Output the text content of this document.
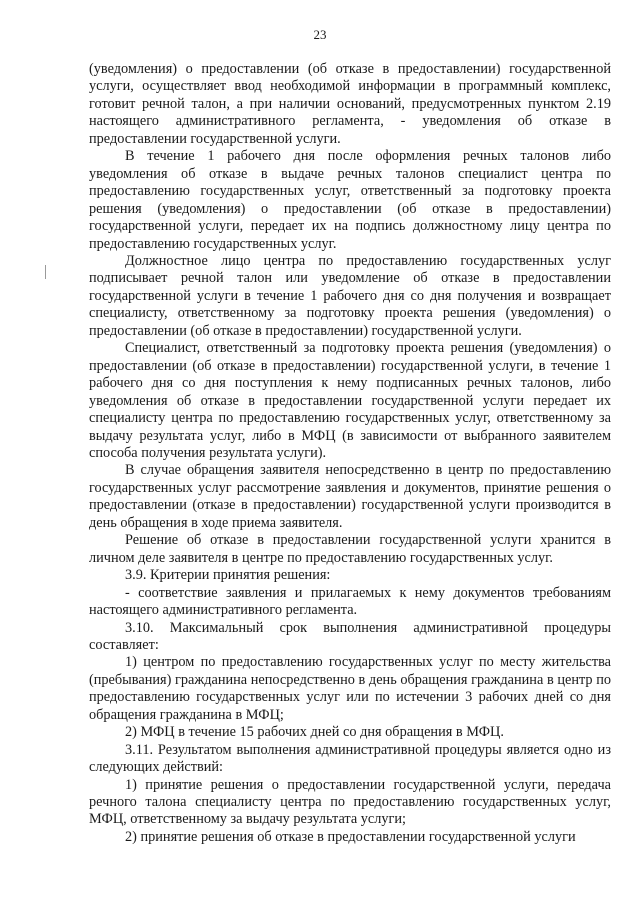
23

(уведомления) о предоставлении (об отказе в предоставлении) государственной услуги, осуществляет ввод необходимой информации в программный комплекс, готовит речной талон, а при наличии оснований, предусмотренных пунктом 2.19 настоящего административного регламента, - уведомления об отказе в предоставлении государственной услуги.

В течение 1 рабочего дня после оформления речных талонов либо уведомления об отказе в выдаче речных талонов специалист центра по предоставлению государственных услуг, ответственный за подготовку проекта решения (уведомления) о предоставлении (об отказе в предоставлении) государственной услуги, передает их на подпись должностному лицу центра по предоставлению государственных услуг.

Должностное лицо центра по предоставлению государственных услуг подписывает речной талон или уведомление об отказе в предоставлении государственной услуги в течение 1 рабочего дня со дня получения и возвращает специалисту, ответственному за подготовку проекта решения (уведомления) о предоставлении (об отказе в предоставлении) государственной услуги.

Специалист, ответственный за подготовку проекта решения (уведомления) о предоставлении (об отказе в предоставлении) государственной услуги, в течение 1 рабочего дня со дня поступления к нему подписанных речных талонов, либо уведомления об отказе в предоставлении государственной услуги передает их специалисту центра по предоставлению государственных услуг, ответственному за выдачу результата услуг, либо в МФЦ (в зависимости от выбранного заявителем способа получения результата услуги).

В случае обращения заявителя непосредственно в центр по предоставлению государственных услуг рассмотрение заявления и документов, принятие решения о предоставлении (отказе в предоставлении) государственной услуги производится в день обращения в ходе приема заявителя.

Решение об отказе в предоставлении государственной услуги хранится в личном деле заявителя в центре по предоставлению государственных услуг.

3.9. Критерии принятия решения:

- соответствие заявления и прилагаемых к нему документов требованиям настоящего административного регламента.

3.10. Максимальный срок выполнения административной процедуры составляет:

1) центром по предоставлению государственных услуг по месту жительства (пребывания) гражданина непосредственно в день обращения гражданина в центр по предоставлению государственных услуг или по истечении 3 рабочих дней со дня обращения гражданина в МФЦ;

2) МФЦ в течение 15 рабочих дней со дня обращения в МФЦ.

3.11. Результатом выполнения административной процедуры является одно из следующих действий:

1) принятие решения о предоставлении государственной услуги, передача речного талона специалисту центра по предоставлению государственных услуг, МФЦ, ответственному за выдачу результата услуги;

2) принятие решения об отказе в предоставлении государственной услуги
